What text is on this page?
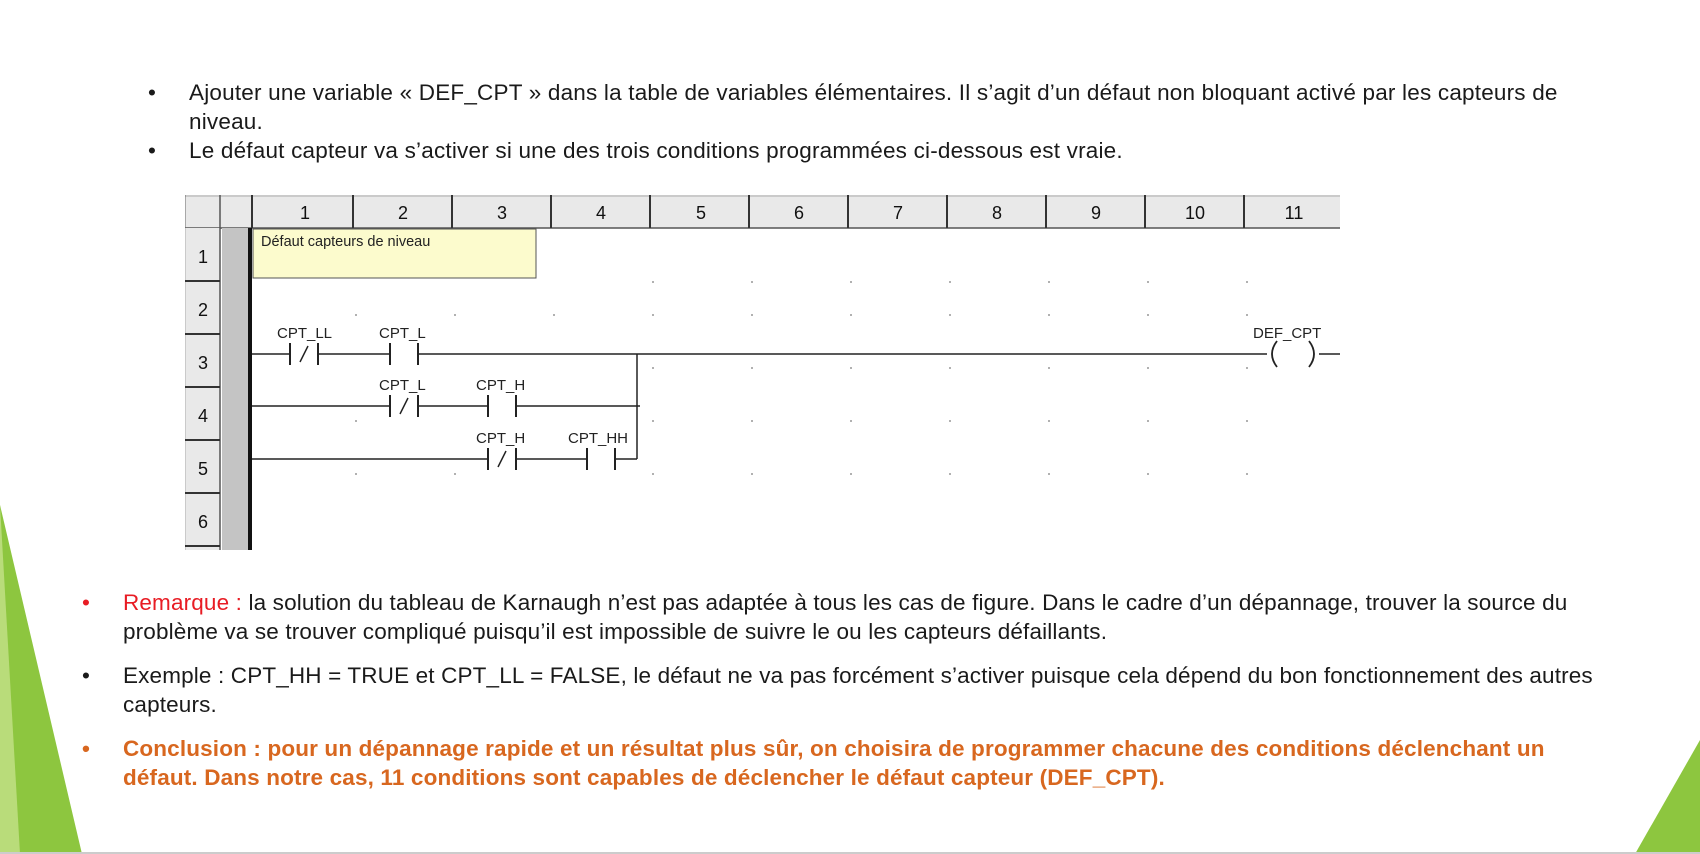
• Ajouter une variable « DEF_CPT » dans la table de variables élémentaires. Il s’agit d’un défaut non bloquant activé par les capteurs de niveau.
• Le défaut capteur va s’activer si une des trois conditions programmées ci-dessous est vraie.
1	2	3	4	5	6	7	8	9	10	11
1
2
3
4
5
6
Défaut capteurs de niveau
CPT_LL	CPT_L
CPT_L	CPT_H
CPT_H	CPT_HH
DEF_CPT
• Remarque : la solution du tableau de Karnaugh n’est pas adaptée à tous les cas de figure. Dans le cadre d’un dépannage, trouver la source du problème va se trouver compliqué puisqu’il est impossible de suivre le ou les capteurs défaillants.
• Exemple : CPT_HH = TRUE et CPT_LL = FALSE, le défaut ne va pas forcément s’activer puisque cela dépend du bon fonctionnement des autres capteurs.
• Conclusion : pour un dépannage rapide et un résultat plus sûr, on choisira de programmer chacune des conditions déclenchant un défaut. Dans notre cas, 11 conditions sont capables de déclencher le défaut capteur (DEF_CPT).
